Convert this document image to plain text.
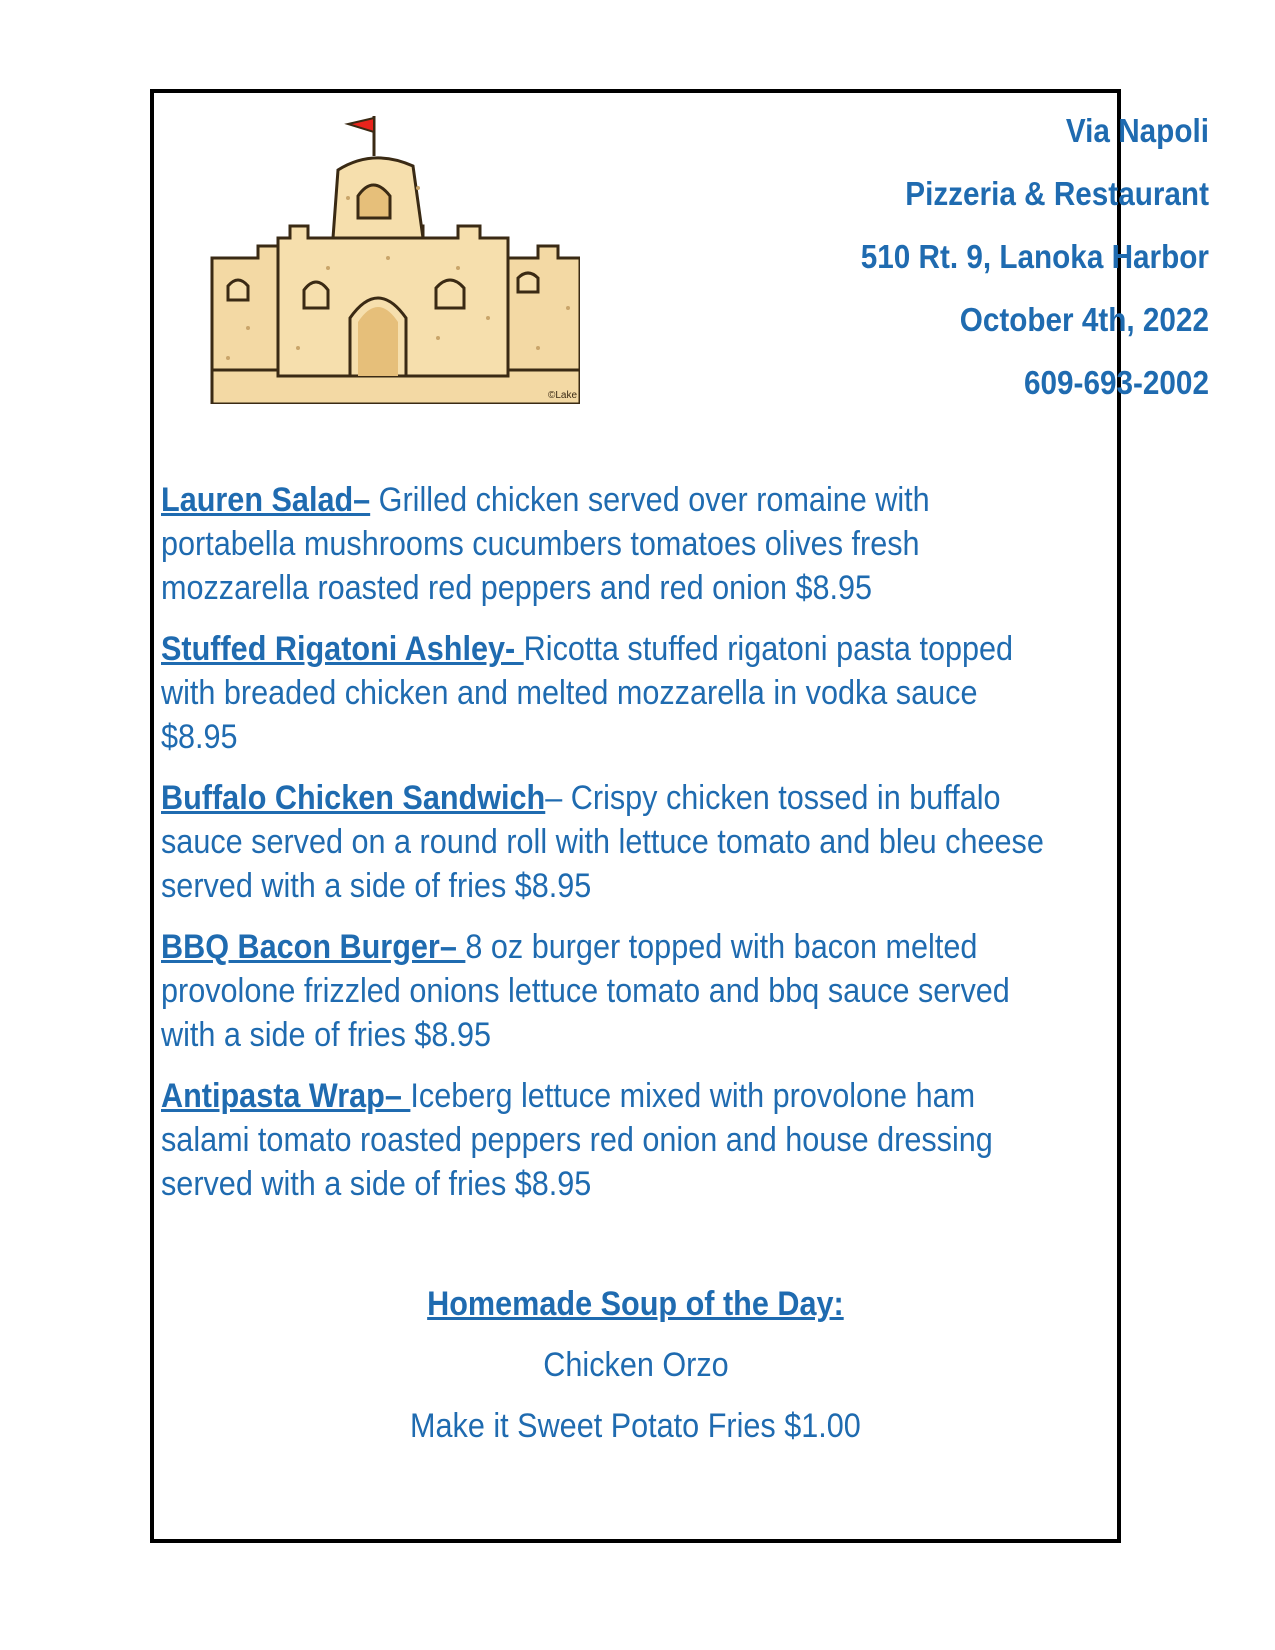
©Lake
Via Napoli
Pizzeria & Restaurant
510 Rt. 9, Lanoka Harbor
October 4th, 2022
609-693-2002
Lauren Salad– Grilled chicken served over romaine with portabella mushrooms cucumbers tomatoes olives fresh mozzarella roasted red peppers and red onion $8.95
Stuffed Rigatoni Ashley- Ricotta stuffed rigatoni pasta topped with breaded chicken and melted mozzarella in vodka sauce $8.95
Buffalo Chicken Sandwich– Crispy chicken tossed in buffalo sauce served on a round roll with lettuce tomato and bleu cheese served with a side of fries $8.95
BBQ Bacon Burger– 8 oz burger topped with bacon melted provolone frizzled onions lettuce tomato and bbq sauce served with a side of fries $8.95
Antipasta Wrap– Iceberg lettuce mixed with provolone ham salami tomato roasted peppers red onion and house dressing served with a side of fries $8.95
Homemade Soup of the Day:
Chicken Orzo
Make it Sweet Potato Fries $1.00
